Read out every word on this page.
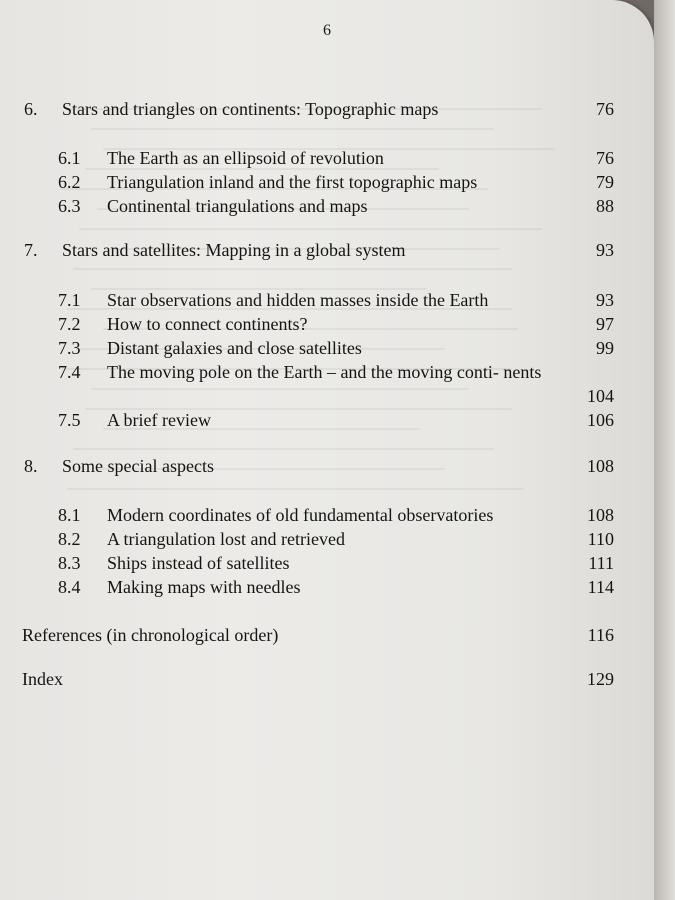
6
6. Stars and triangles on continents: Topographic maps	76
6.1 The Earth as an ellipsoid of revolution	76
6.2 Triangulation inland and the first topographic maps	79
6.3 Continental triangulations and maps	88
7. Stars and satellites: Mapping in a global system	93
7.1 Star observations and hidden masses inside the Earth	93
7.2 How to connect continents?	97
7.3 Distant galaxies and close satellites	99
7.4 The moving pole on the Earth – and the moving conti- nents
104
7.5 A brief review	106
8. Some special aspects	108
8.1 Modern coordinates of old fundamental observatories	108
8.2 A triangulation lost and retrieved	110
8.3 Ships instead of satellites	111
8.4 Making maps with needles	114
References (in chronological order)	116
Index	129
